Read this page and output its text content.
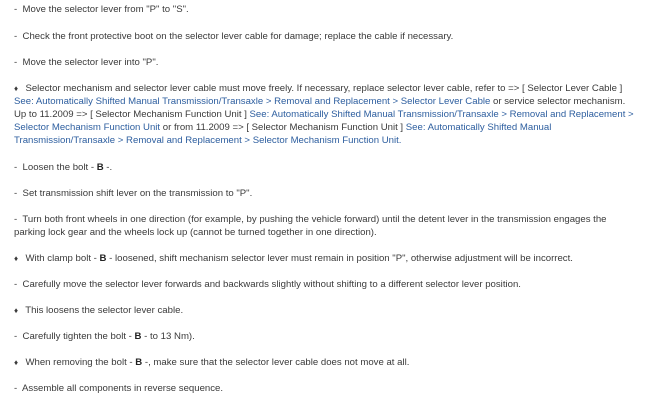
- Move the selector lever from "P" to "S".

- Check the front protective boot on the selector lever cable for damage; replace the cable if necessary.

- Move the selector lever into "P".

♦ Selector mechanism and selector lever cable must move freely. If necessary, replace selector lever cable, refer to => [ Selector Lever Cable ] See: Automatically Shifted Manual Transmission/Transaxle > Removal and Replacement > Selector Lever Cable or service selector mechanism. Up to 11.2009 => [ Selector Mechanism Function Unit ] See: Automatically Shifted Manual Transmission/Transaxle > Removal and Replacement > Selector Mechanism Function Unit or from 11.2009 => [ Selector Mechanism Function Unit ] See: Automatically Shifted Manual Transmission/Transaxle > Removal and Replacement > Selector Mechanism Function Unit.

- Loosen the bolt - B -.

- Set transmission shift lever on the transmission to "P".

- Turn both front wheels in one direction (for example, by pushing the vehicle forward) until the detent lever in the transmission engages the parking lock gear and the wheels lock up (cannot be turned together in one direction).

♦ With clamp bolt - B - loosened, shift mechanism selector lever must remain in position "P", otherwise adjustment will be incorrect.

- Carefully move the selector lever forwards and backwards slightly without shifting to a different selector lever position.

♦ This loosens the selector lever cable.

- Carefully tighten the bolt - B - to 13 Nm).

♦ When removing the bolt - B -, make sure that the selector lever cable does not move at all.

- Assemble all components in reverse sequence.
